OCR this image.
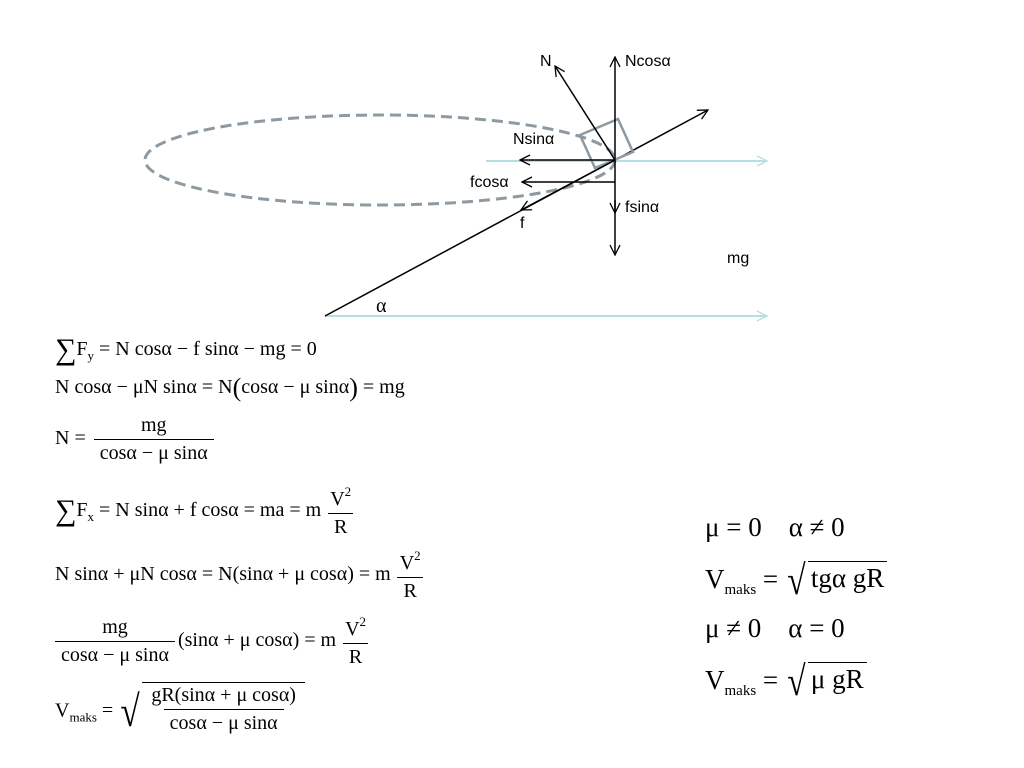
N	Ncosα
Nsinα
fcosα
f
fsinα
mg
α
$\sum F_y = N$ cosα − f sinα − mg = 0
N cosα − μN sinα = N(cosα − μ sinα) = mg
$N = \frac{mg}{\text{cosα − μ sinα}}$
$\sum F_x = N$ sinα + f cosα = ma = m $\frac{V^2}{R}$
N sinα + μN cosα = N(sinα + μ cosα) = m $\frac{V^2}{R}$
$\frac{mg}{\text{cosα − μ sinα}} (\sin\alpha + \mu$ cosα) = m $\frac{V^2}{R}$
$V_{maks}$ = √ $\frac{\text{gR(sinα + μ cosα)}}{\text{cosα − μ sinα}}$
μ = 0    α ≠ 0
$V_{maks}$ = √ tgα gR
μ ≠ 0    α = 0
$V_{maks}$ = √ μ gR
